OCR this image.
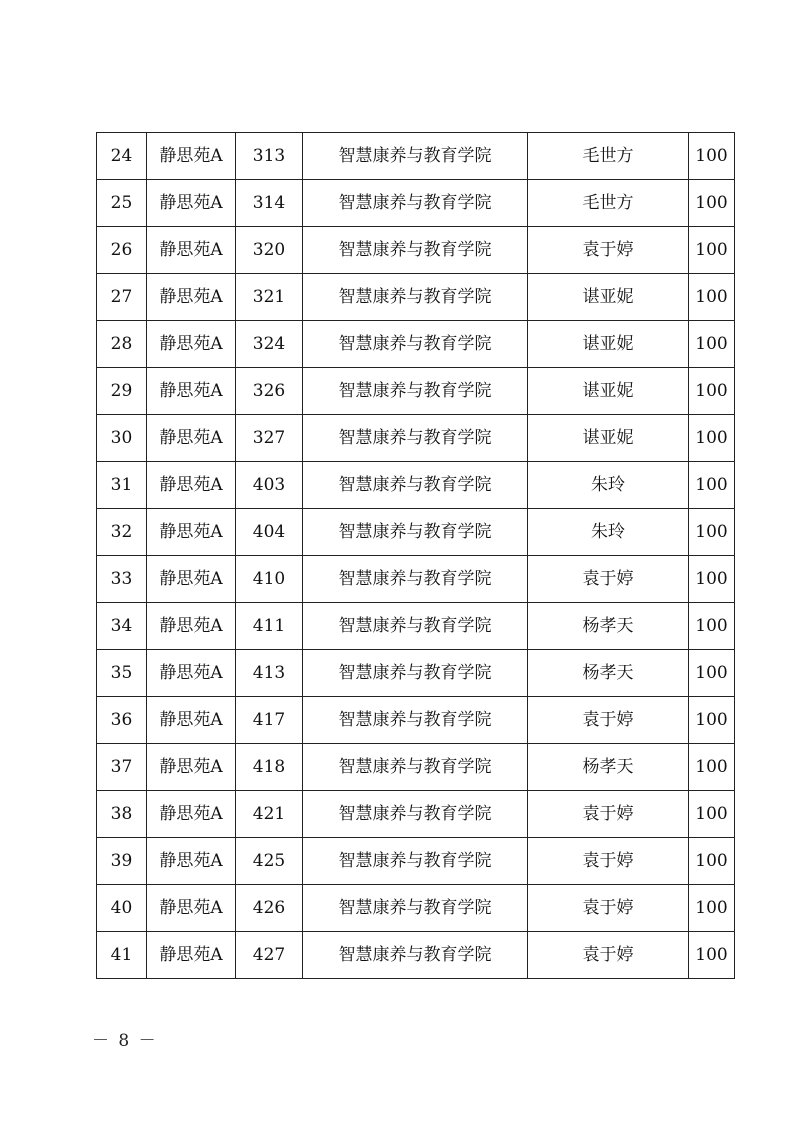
24	静思苑A	313	智慧康养与教育学院	毛世方	100
25	静思苑A	314	智慧康养与教育学院	毛世方	100
26	静思苑A	320	智慧康养与教育学院	袁于婷	100
27	静思苑A	321	智慧康养与教育学院	谌亚妮	100
28	静思苑A	324	智慧康养与教育学院	谌亚妮	100
29	静思苑A	326	智慧康养与教育学院	谌亚妮	100
30	静思苑A	327	智慧康养与教育学院	谌亚妮	100
31	静思苑A	403	智慧康养与教育学院	朱玲	100
32	静思苑A	404	智慧康养与教育学院	朱玲	100
33	静思苑A	410	智慧康养与教育学院	袁于婷	100
34	静思苑A	411	智慧康养与教育学院	杨孝天	100
35	静思苑A	413	智慧康养与教育学院	杨孝天	100
36	静思苑A	417	智慧康养与教育学院	袁于婷	100
37	静思苑A	418	智慧康养与教育学院	杨孝天	100
38	静思苑A	421	智慧康养与教育学院	袁于婷	100
39	静思苑A	425	智慧康养与教育学院	袁于婷	100
40	静思苑A	426	智慧康养与教育学院	袁于婷	100
41	静思苑A	427	智慧康养与教育学院	袁于婷	100
－ 8 －
